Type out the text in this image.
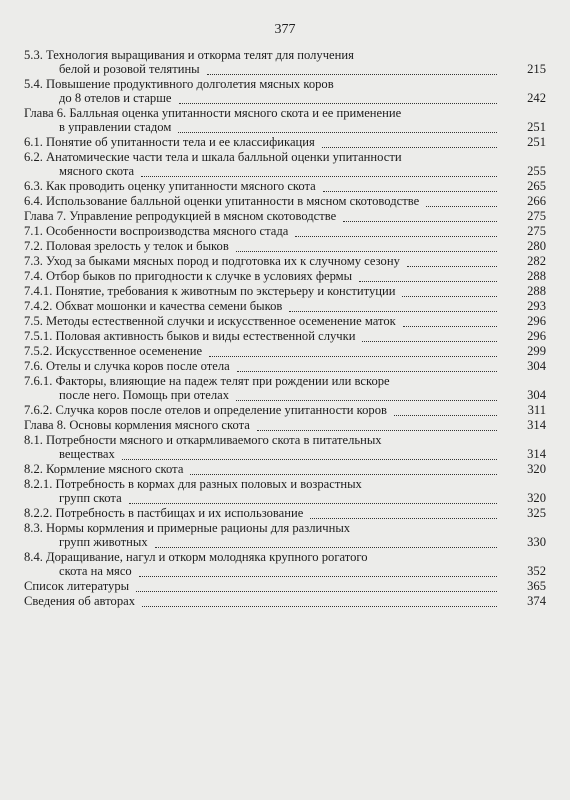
377
5.3. Технология выращивания и откорма телят для получения
белой и розовой телятины	215
5.4. Повышение продуктивного долголетия мясных коров
до 8 отелов и старше	242
Глава 6. Балльная оценка упитанности мясного скота и ее применение
в управлении стадом	251
6.1. Понятие об упитанности тела и ее классификация	251
6.2. Анатомические части тела и шкала балльной оценки упитанности
мясного скота	255
6.3. Как проводить оценку упитанности мясного скота	265
6.4. Использование балльной оценки упитанности в мясном скотоводстве	266
Глава 7. Управление репродукцией в мясном скотоводстве	275
7.1. Особенности воспроизводства мясного стада	275
7.2. Половая зрелость у телок и быков	280
7.3. Уход за быками мясных пород и подготовка их к случному сезону	282
7.4. Отбор быков по пригодности к случке в условиях фермы	288
7.4.1. Понятие, требования к животным по экстерьеру и конституции	288
7.4.2. Обхват мошонки и качества семени быков	293
7.5. Методы естественной случки и искусственное осеменение маток	296
7.5.1. Половая активность быков и виды естественной случки	296
7.5.2. Искусственное осеменение	299
7.6. Отелы и случка коров после отела	304
7.6.1. Факторы, влияющие на падеж телят при рождении или вскоре
после него. Помощь при отелах	304
7.6.2. Случка коров после отелов и определение упитанности коров	311
Глава 8. Основы кормления мясного скота	314
8.1. Потребности мясного и откармливаемого скота в питательных
веществах	314
8.2. Кормление мясного скота	320
8.2.1. Потребность в кормах для разных половых и возрастных
групп скота	320
8.2.2. Потребность в пастбищах и их использование	325
8.3. Нормы кормления и примерные рационы для различных
групп животных	330
8.4. Доращивание, нагул и откорм молодняка крупного рогатого
скота на мясо	352
Список литературы	365
Сведения об авторах	374
